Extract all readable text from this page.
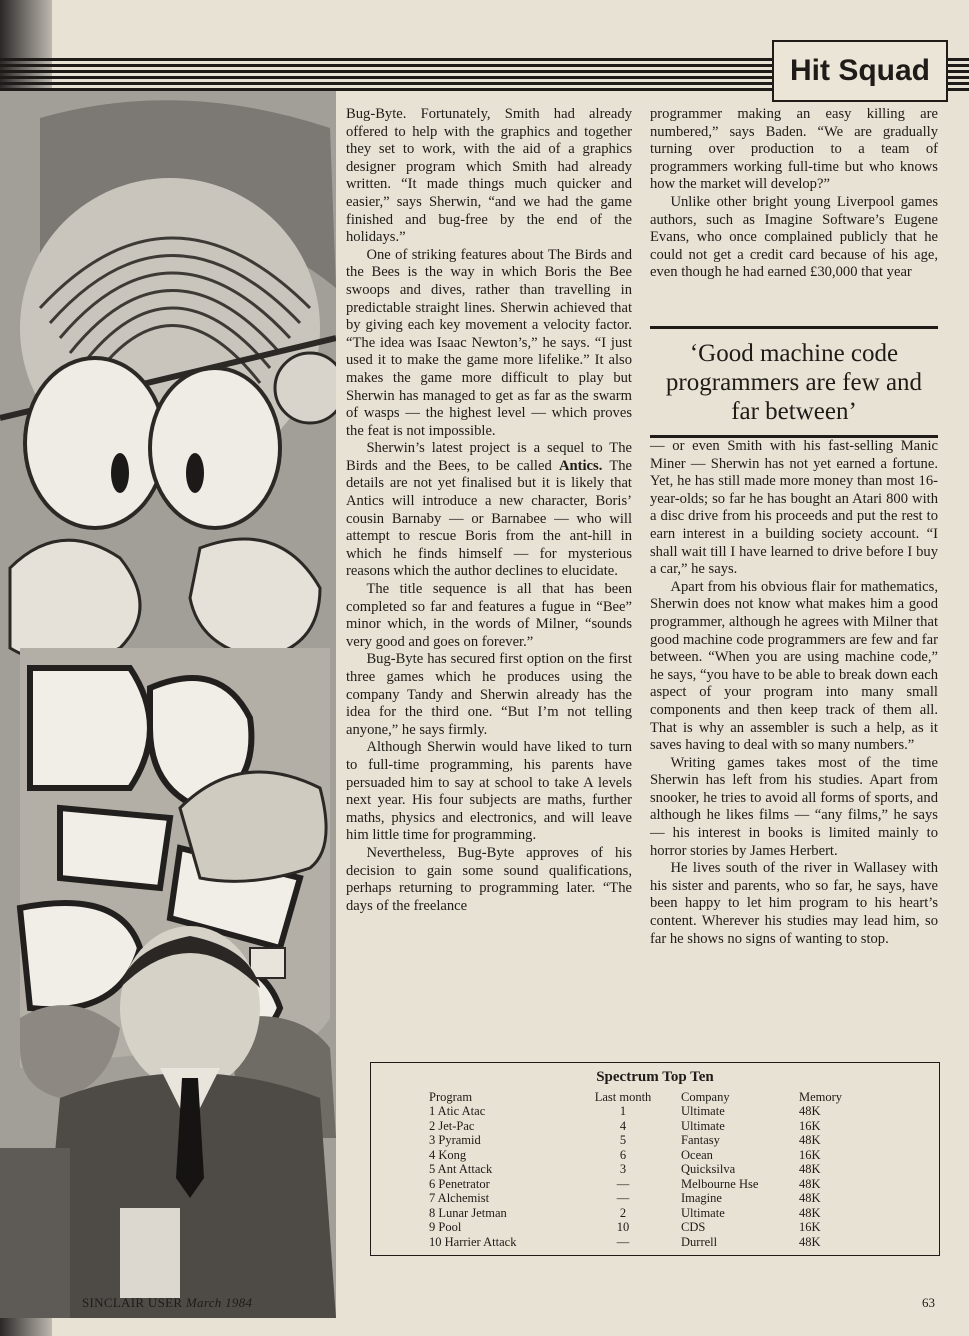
Hit Squad

Bug-Byte. Fortunately, Smith had already offered to help with the graphics and together they set to work, with the aid of a graphics designer program which Smith had already written. “It made things much quicker and easier,” says Sherwin, “and we had the game finished and bug-free by the end of the holidays.”

One of striking features about The Birds and the Bees is the way in which Boris the Bee swoops and dives, rather than travelling in predictable straight lines. Sherwin achieved that by giving each key movement a velocity factor. “The idea was Isaac Newton’s,” he says. “I just used it to make the game more lifelike.” It also makes the game more difficult to play but Sherwin has managed to get as far as the swarm of wasps — the highest level — which proves the feat is not impossible.

Sherwin’s latest project is a sequel to The Birds and the Bees, to be called Antics. The details are not yet finalised but it is likely that Antics will introduce a new character, Boris’ cousin Barnaby — or Barnabee — who will attempt to rescue Boris from the ant-hill in which he finds himself — for mysterious reasons which the author declines to elucidate.

The title sequence is all that has been completed so far and features a fugue in “Bee” minor which, in the words of Milner, “sounds very good and goes on forever.”

Bug-Byte has secured first option on the first three games which he produces using the company Tandy and Sherwin already has the idea for the third one. “But I’m not telling anyone,” he says firmly.

Although Sherwin would have liked to turn to full-time programming, his parents have persuaded him to say at school to take A levels next year. His four subjects are maths, further maths, physics and electronics, and will leave him little time for programming.

Nevertheless, Bug-Byte approves of his decision to gain some sound qualifications, perhaps returning to programming later. “The days of the freelance

programmer making an easy killing are numbered,” says Baden. “We are gradually turning over production to a team of programmers working full-time but who knows how the market will develop?”

Unlike other bright young Liverpool games authors, such as Imagine Software’s Eugene Evans, who once complained publicly that he could not get a credit card because of his age, even though he had earned £30,000 that year

‘Good machine code programmers are few and far between’

— or even Smith with his fast-selling Manic Miner — Sherwin has not yet earned a fortune. Yet, he has still made more money than most 16-year-olds; so far he has bought an Atari 800 with a disc drive from his proceeds and put the rest to earn interest in a building society account. “I shall wait till I have learned to drive before I buy a car,” he says.

Apart from his obvious flair for mathematics, Sherwin does not know what makes him a good programmer, although he agrees with Milner that good machine code programmers are few and far between. “When you are using machine code,” he says, “you have to be able to break down each aspect of your program into many small components and then keep track of them all. That is why an assembler is such a help, as it saves having to deal with so many numbers.”

Writing games takes most of the time Sherwin has left from his studies. Apart from snooker, he tries to avoid all forms of sports, and although he likes films — “any films,” he says — his interest in books is limited mainly to horror stories by James Herbert.

He lives south of the river in Wallasey with his sister and parents, who so far, he says, have been happy to let him program to his heart’s content. Wherever his studies may lead him, so far he shows no signs of wanting to stop.

Spectrum Top Ten
Program	Last month	Company	Memory
1 Atic Atac	1	Ultimate	48K
2 Jet-Pac	4	Ultimate	16K
3 Pyramid	5	Fantasy	48K
4 Kong	6	Ocean	16K
5 Ant Attack	3	Quicksilva	48K
6 Penetrator	—	Melbourne Hse	48K
7 Alchemist	—	Imagine	48K
8 Lunar Jetman	2	Ultimate	48K
9 Pool	10	CDS	16K
10 Harrier Attack	—	Durrell	48K
SINCLAIR USER March 1984	63
